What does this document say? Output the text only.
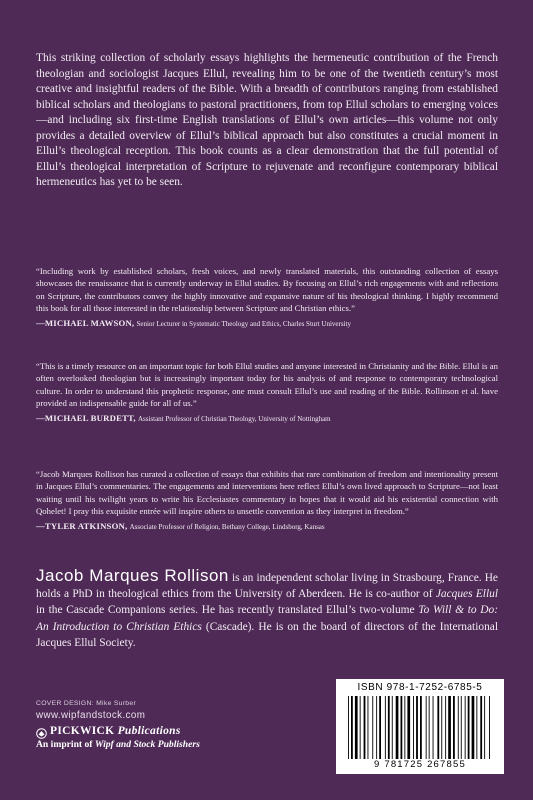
This striking collection of scholarly essays highlights the hermeneutic contribution of the French theologian and sociologist Jacques Ellul, revealing him to be one of the twentieth century’s most creative and insightful readers of the Bible. With a breadth of contributors ranging from established biblical scholars and theologians to pastoral practitioners, from top Ellul scholars to emerging voices—and including six first-time English translations of Ellul’s own articles—this volume not only provides a detailed overview of Ellul’s biblical approach but also constitutes a crucial moment in Ellul’s theological reception. This book counts as a clear demonstration that the full potential of Ellul’s theological interpretation of Scripture to rejuvenate and reconfigure contemporary biblical hermeneutics has yet to be seen.

“Including work by established scholars, fresh voices, and newly translated materials, this outstanding collection of essays showcases the renaissance that is currently underway in Ellul studies. By focusing on Ellul’s rich engagements with and reflections on Scripture, the contributors convey the highly innovative and expansive nature of his theological thinking. I highly recommend this book for all those interested in the relationship between Scripture and Christian ethics.”
—MICHAEL MAWSON, Senior Lecturer in Systematic Theology and Ethics, Charles Sturt University
“This is a timely resource on an important topic for both Ellul studies and anyone interested in Christianity and the Bible. Ellul is an often overlooked theologian but is increasingly important today for his analysis of and response to contemporary technological culture. In order to understand this prophetic response, one must consult Ellul’s use and reading of the Bible. Rollinson et al. have provided an indispensable guide for all of us.”
—MICHAEL BURDETT, Assistant Professor of Christian Theology, University of Nottingham
“Jacob Marques Rollison has curated a collection of essays that exhibits that rare combination of freedom and intentionality present in Jacques Ellul’s commentaries. The engagements and interventions here reflect Ellul’s own lived approach to Scripture—not least waiting until his twilight years to write his Ecclesiastes commentary in hopes that it would aid his existential connection with Qohelet! I pray this exquisite entrée will inspire others to unsettle convention as they interpret in freedom.”
—TYLER ATKINSON, Associate Professor of Religion, Bethany College, Lindsborg, Kansas

Jacob Marques Rollison is an independent scholar living in Strasbourg, France. He holds a PhD in theological ethics from the University of Aberdeen. He is co-author of Jacques Ellul in the Cascade Companions series. He has recently translated Ellul’s two-volume To Will & to Do: An Introduction to Christian Ethics (Cascade). He is on the board of directors of the International Jacques Ellul Society.

COVER DESIGN: Mike Surber
www.wipfandstock.com
PICKWICK Publications
An imprint of Wipf and Stock Publishers
ISBN 978-1-7252-6785-5
9 781725 267855
